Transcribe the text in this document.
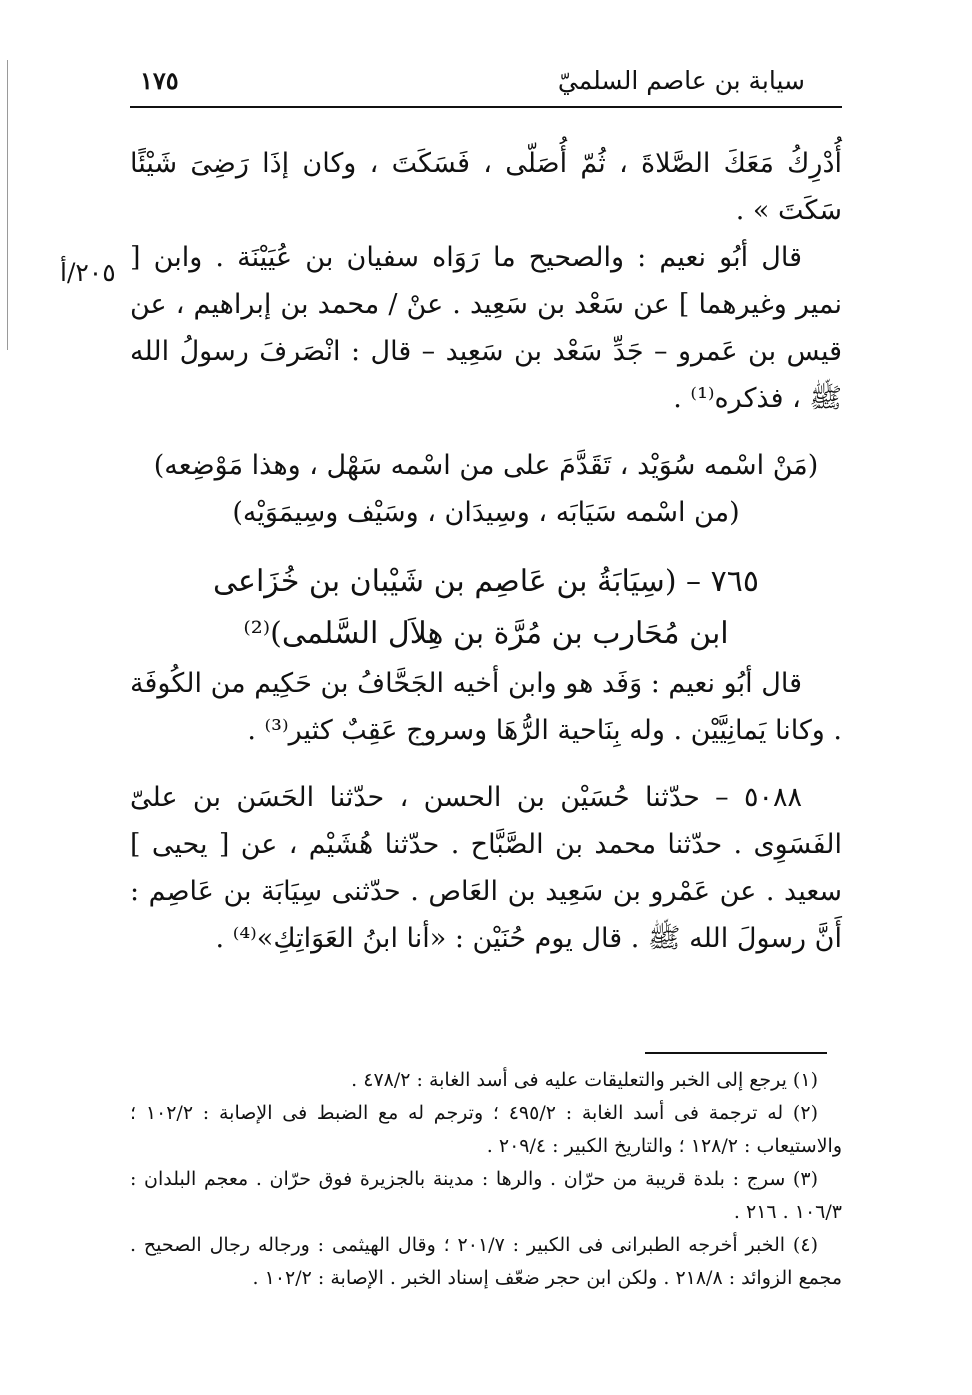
سيابة بن عاصم السلميّ
١٧٥
٢٠٥/أ

أُدْرِكُ مَعَكَ الصَّلاةَ ، ثُمّ أُصَلّى ، فَسَكَتَ ، وكان إذَا رَضِىَ شَيْئًا سَكَتَ » .

قال أبُو نعيم : والصحيح ما رَوَاه سفيان بن عُيَيْنَة . وابن [ نمير وغيرهما ] عن سَعْد بن سَعِيد . عنْ / محمد بن إبراهيم ، عن قيس بن عَمرو – جَدِّ سَعْد بن سَعِيد – قال : انْصَرفَ رسولُ الله ﷺ ، فذكره⁽¹⁾ .

(مَنْ اسْمه سُوَيْد ، تَقَدَّمَ على من اسْمه سَهْل ، وهذا مَوْضِعه)

(من اسْمه سَيَابَه ، وسِيدَان ، وسَيْف وسِيمَوَيْه)

٧٦٥ – (سِيَابَةُ بن عَاصِم بن شَيْبان بن خُزَاعى

ابن مُحَارب بن مُرَّة بن هِلاَل السَّلمى)⁽²⁾

قال أبُو نعيم : وَفَد هو وابن أخيه الجَحَّافُ بن حَكِيم من الكُوفَة . وكانا يَمانِيَّيْن . وله بِنَاحية الرُّهَا وسروج عَقِبٌ كثير⁽³⁾ .

٥٠٨٨ – حدّثنا حُسَيْن بن الحسن ، حدّثنا الحَسَن بن علىّ الفَسَوِى . حدّثنا محمد بن الصَّبَّاح . حدّثنا هُشَيْم ، عن [ يحيى ] سعيد . عن عَمْرو بن سَعِيد بن العَاص . حدّثنى سِيَابَة بن عَاصِم : أَنَّ رسولَ الله ﷺ . قال يوم حُنَيْن : «أنا ابنُ العَوَاتِكِ»⁽⁴⁾ .

(١) يرجع إلى الخبر والتعليقات عليه فى أسد الغابة : ٤٧٨/٢ .

(٢) له ترجمة فى أسد الغابة : ٤٩٥/٢ ؛ وترجم له مع الضبط فى الإصابة : ١٠٢/٢ ؛ والاستيعاب : ١٢٨/٢ ؛ والتاريخ الكبير : ٢٠٩/٤ .

(٣) سرج : بلدة قريبة من حرّان . والرها : مدينة بالجزيرة فوق حرّان . معجم البلدان : ١٠٦/٣ . ٢١٦ .

(٤) الخبر أخرجه الطبرانى فى الكبير : ٢٠١/٧ ؛ وقال الهيثمى : ورجاله رجال الصحيح . مجمع الزوائد : ٢١٨/٨ . ولكن ابن حجر ضعّف إسناد الخبر . الإصابة : ١٠٢/٢ .
